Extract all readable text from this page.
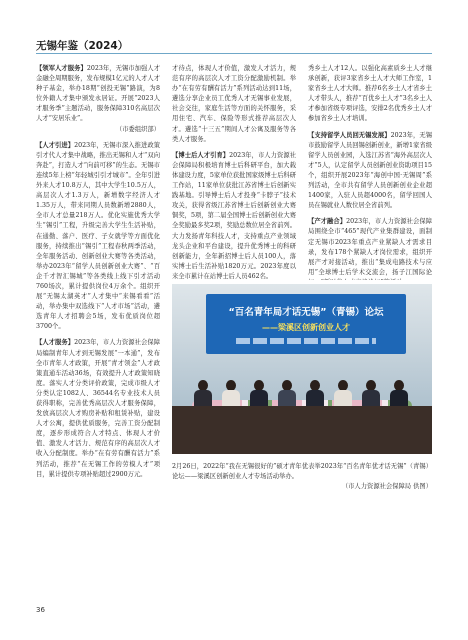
无锡年鉴（2024）

【领军人才服务】2023年，无锡市加强人才金融全周期服务，发布规模1亿元的人才人才种子基金，举办18期“创投无锡”路演，为8位外籍人才集中颁发永居证。开展“2023人才服务季”主题活动，服务保障310名高层次人才“安居乐业”。
（市委组织部）

【人才引进】2023年，无锡市深入推进政策引才代人才集中战略，推出无锡和人才“双向奔赴”，打造人才“向前可移”的生态。无锡市连续5年上榜“年轻城引引才城市”。全年引进外来人才10.8万人，其中大学生10.5万人，高层次人才1.3万人，新增数字经济人才1.35万人，带来同期人员数新增2880人，全市人才总量218万人。优化实施优秀大学生“锡引”工程，升级完善大学生生活补贴，在通勤、落户、医疗、子女就学等方面优化服务，持续推出“锡引”工程春秋两季活动，全年服务活动、创新创业大赛等各类活动，举办2023年“留学人员创新创业大赛”、“百企千才智汇锡城”等各类线上线下引才活动760场次，累计提供岗位4万余个。组织开展“无锡太湖英才”人才集中“来锡看看”活动，举办集中双选线下“人才市场”活动，遴选青年人才招聘会5场，发布优质岗位超3700个。

【人才服务】2023年，市人力资源社会保障局编制青年人才到无锡发展“一本通”，发布全市青年人才政策，开展“青才领金”人才政策直通车活动36场，有效提升人才政策知晓度。落实人才分类评价政策，完成市级人才分类认定1082人、36544名专业技术人员获得职称，完善优秀高层次人才服务保障，发放高层次人才购房补贴和租赁补贴，建设人才公寓，提供优质服务，完善工资分配制度，逐步形成符合人才特点、体现人才价值、激发人才活力、规范有序的高层次人才收入分配制度。举办“在有劳有酬有活力”系列活动，推荐“在无锡工作的劳模人才”项目，累计提供专项补贴超过2900万元。

才待点，体现人才价值，激发人才活力，规范有序的高层次人才工资分配激励机制。举办“在有劳有酬有活力”系列活动达到11场，遴选分享企业员工优秀人才无锡事业发展，社会交往，家庭生活等方面的关怀服务，采用住宅、汽车、保险等形式推荐高层次人才。遴选“十三五”期间人才公寓及服务等各类人才服务。

【博士后人才引育】2023年，市人力资源社会保障局积极培育博士后科研平台，加大载体建设力度，5家单位获批国家级博士后科研工作站，11家单位获批江苏省博士后创新实践基地。引导博士后人才投身“卡脖子”技术攻关，获得省级江苏省博士后创新创业大赛铜奖，5项，第二届全国博士后创新创业大赛全奖励最多奖2项，奖励总数位居全省前列。大力发扬青年科技人才，支持重点产业领域龙头企业和平台建设，提升优秀博士的科研创新能力，全年新招博士后人员100人，落实博士后生活补贴1820万元。2023年度以来全市累计在站博士后人员462名。

秀乡土人才12人。以强化高素质乡土人才继承创新，获评3家省乡土人才大师工作室，1家省乡土人才大师。推荐6名乡土人才省乡土人才带头人，推荐“百优乡土人才”3名乡土人才参加省级专项评选，安排2名优秀乡土人才参加省乡土人才培训。

【支持留学人员回无锡发展】2023年，无锡市鼓励留学人员回锡创新创业，新增1家省级留学人员创业园，入选江苏省“海外高层次人才”5人，认定留学人员创新创业资助项目15个，组织开展2023年“海创中国·无锡周”系列活动，全市共有留学人员创新创业企业超1400家，入驻人员超4000名，留学回国人员在锡就业人数位居全省前列。

【产才融合】2023年，市人力资源社会保障局围绕全市“465”现代产业集群建设，面制定无锡市2023年重点产业紧缺人才需求目录，发布178个紧缺人才岗位需求，组织开展产才对接活动，推出“集成电路技术与应用”全球博士后学术交流会，扬子江国际论

“百名青年局才话无锡”（青锡）论坛
——梁溪区创新创业人才
2月26日，2022年“我在无锡很好的”硕才青年优表举2023年“百名青年优才话无锡”（青锡）论坛——梁溪区创新创业人才专场活动举办。
（市人力资源社会保障局 供图）
36
